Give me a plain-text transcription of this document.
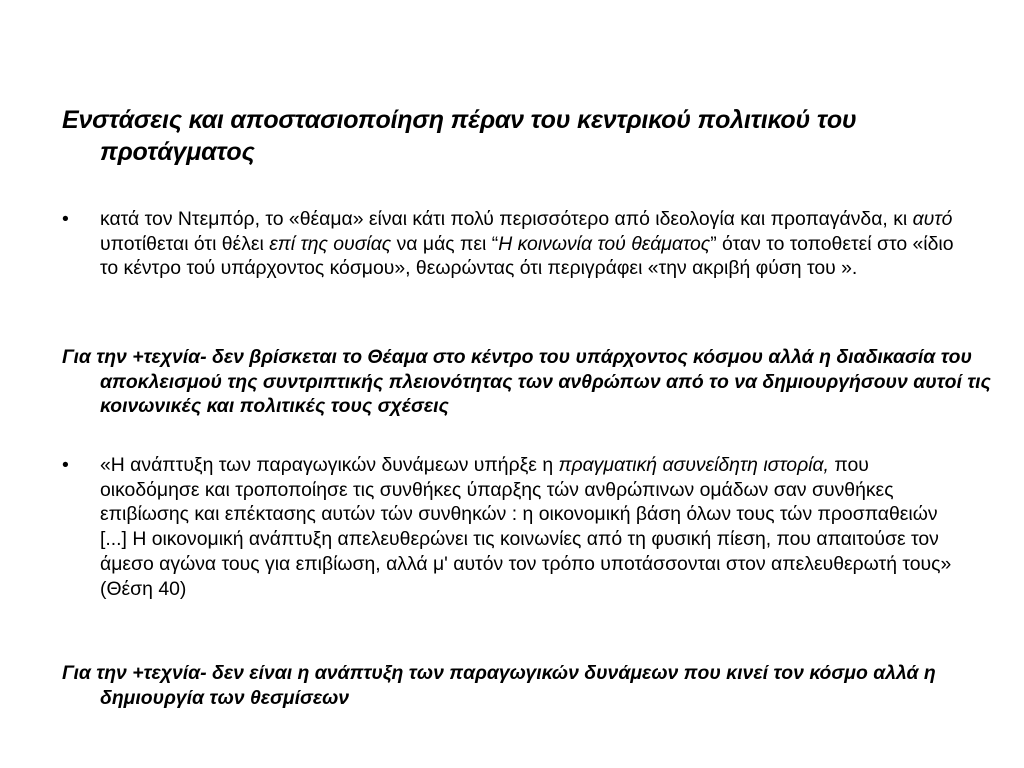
Ενστάσεις και αποστασιοποίηση πέραν του κεντρικού πολιτικού του προτάγματος
•	κατά τον Ντεμπόρ, το «θέαμα» είναι κάτι πολύ περισσότερο από ιδεολογία και προπαγάνδα, κι αυτό υποτίθεται ότι θέλει επί της ουσίας να μάς πει “Η κοινωνία τού θεάματος” όταν το τοποθετεί στο «ίδιο το κέντρο τού υπάρχοντος κόσμου», θεωρώντας ότι περιγράφει «την ακριβή φύση του ».

Για την +τεχνία- δεν βρίσκεται το Θέαμα στο κέντρο του υπάρχοντος κόσμου αλλά η διαδικασία του αποκλεισμού της συντριπτικής πλειονότητας των ανθρώπων από το να δημιουργήσουν αυτοί τις κοινωνικές και πολιτικές τους σχέσεις

•	«Η ανάπτυξη των παραγωγικών δυνάμεων υπήρξε η πραγματική ασυνείδητη ιστορία, που οικοδόμησε και τροποποίησε τις συνθήκες ύπαρξης τών ανθρώπινων ομάδων σαν συνθήκες επιβίωσης και επέκτασης αυτών τών συνθηκών : η οικονομική βάση όλων τους τών προσπαθειών [...] Η οικονομική ανάπτυξη απελευθερώνει τις κοινωνίες από τη φυσική πίεση, που απαιτούσε τον άμεσο αγώνα τους για επιβίωση, αλλά μ' αυτόν τον τρόπο υποτάσσονται στον απελευθερωτή τους» (Θέση 40)

Για την +τεχνία- δεν είναι η ανάπτυξη των παραγωγικών δυνάμεων που κινεί τον κόσμο αλλά η δημιουργία των θεσμίσεων
